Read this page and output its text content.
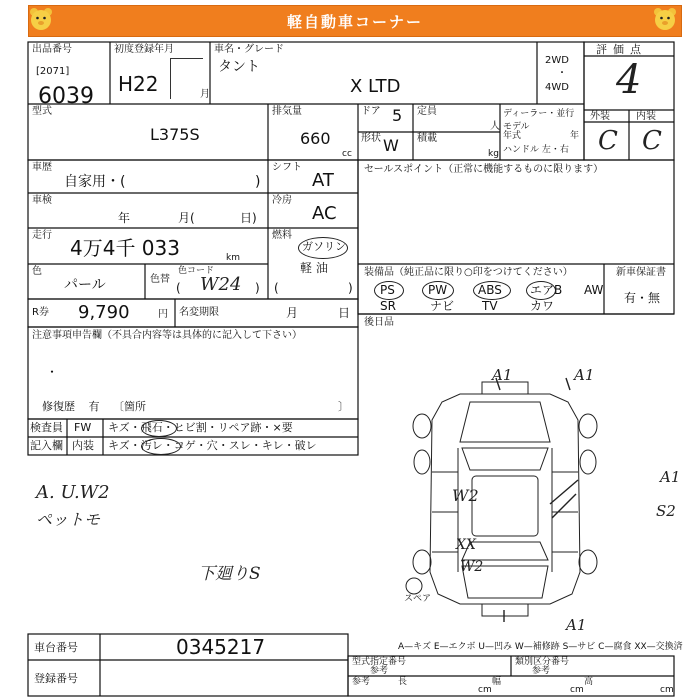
軽自動車コーナー
出品番号
[2071]
6039
初度登録年月
H22	月
車名・グレード
タント
X LTD
2WD
・
4WD
評価点
4
外装	内装
C C
型式
L375S
排気量
660
cc
ドア 5
形状 W
定員
人
積載
kg
ディーラー・並行
モデル
年式	年
ハンドル 左・右
車歴
自家用・(	)
シフト
AT
車検
年	月(	日)
冷房
AC
走行
4万4千 033	km
燃料
ガソリン
軽 油
(	)
色
パール	色替
色コード
( W24 )
R券 9,790	円 名変期限	月	日
注意事項申告欄（不具合内容等は具体的に記入して下さい）
・
修復歴 有 〔箇所	〕
検査員 FW キズ・飛石・ヒビ割・リペア跡・×要
記入欄 内装 キズ・汚レ・コゲ・穴・スレ・キレ・破レ
A. U.W2
ペットモ
下廻りS
セールスポイント（正常に機能するものに限ります）
装備品（純正品に限り○印をつけてください）	新車保証書
有・無
PS	PW	ABS エアB AW
SR	ナビ TV	カワ
後日品
スペア
A1	A1
W2
XX
W2
A1
S2
A1
A—キズ E—エクボ U—凹み W—補修跡 S—サビ C—腐食 XX—交換済
車台番号	0345217
登録番号
型式指定番号
参考
類別区分番号
参考
参考	長
cm
幅
cm
高
cm
